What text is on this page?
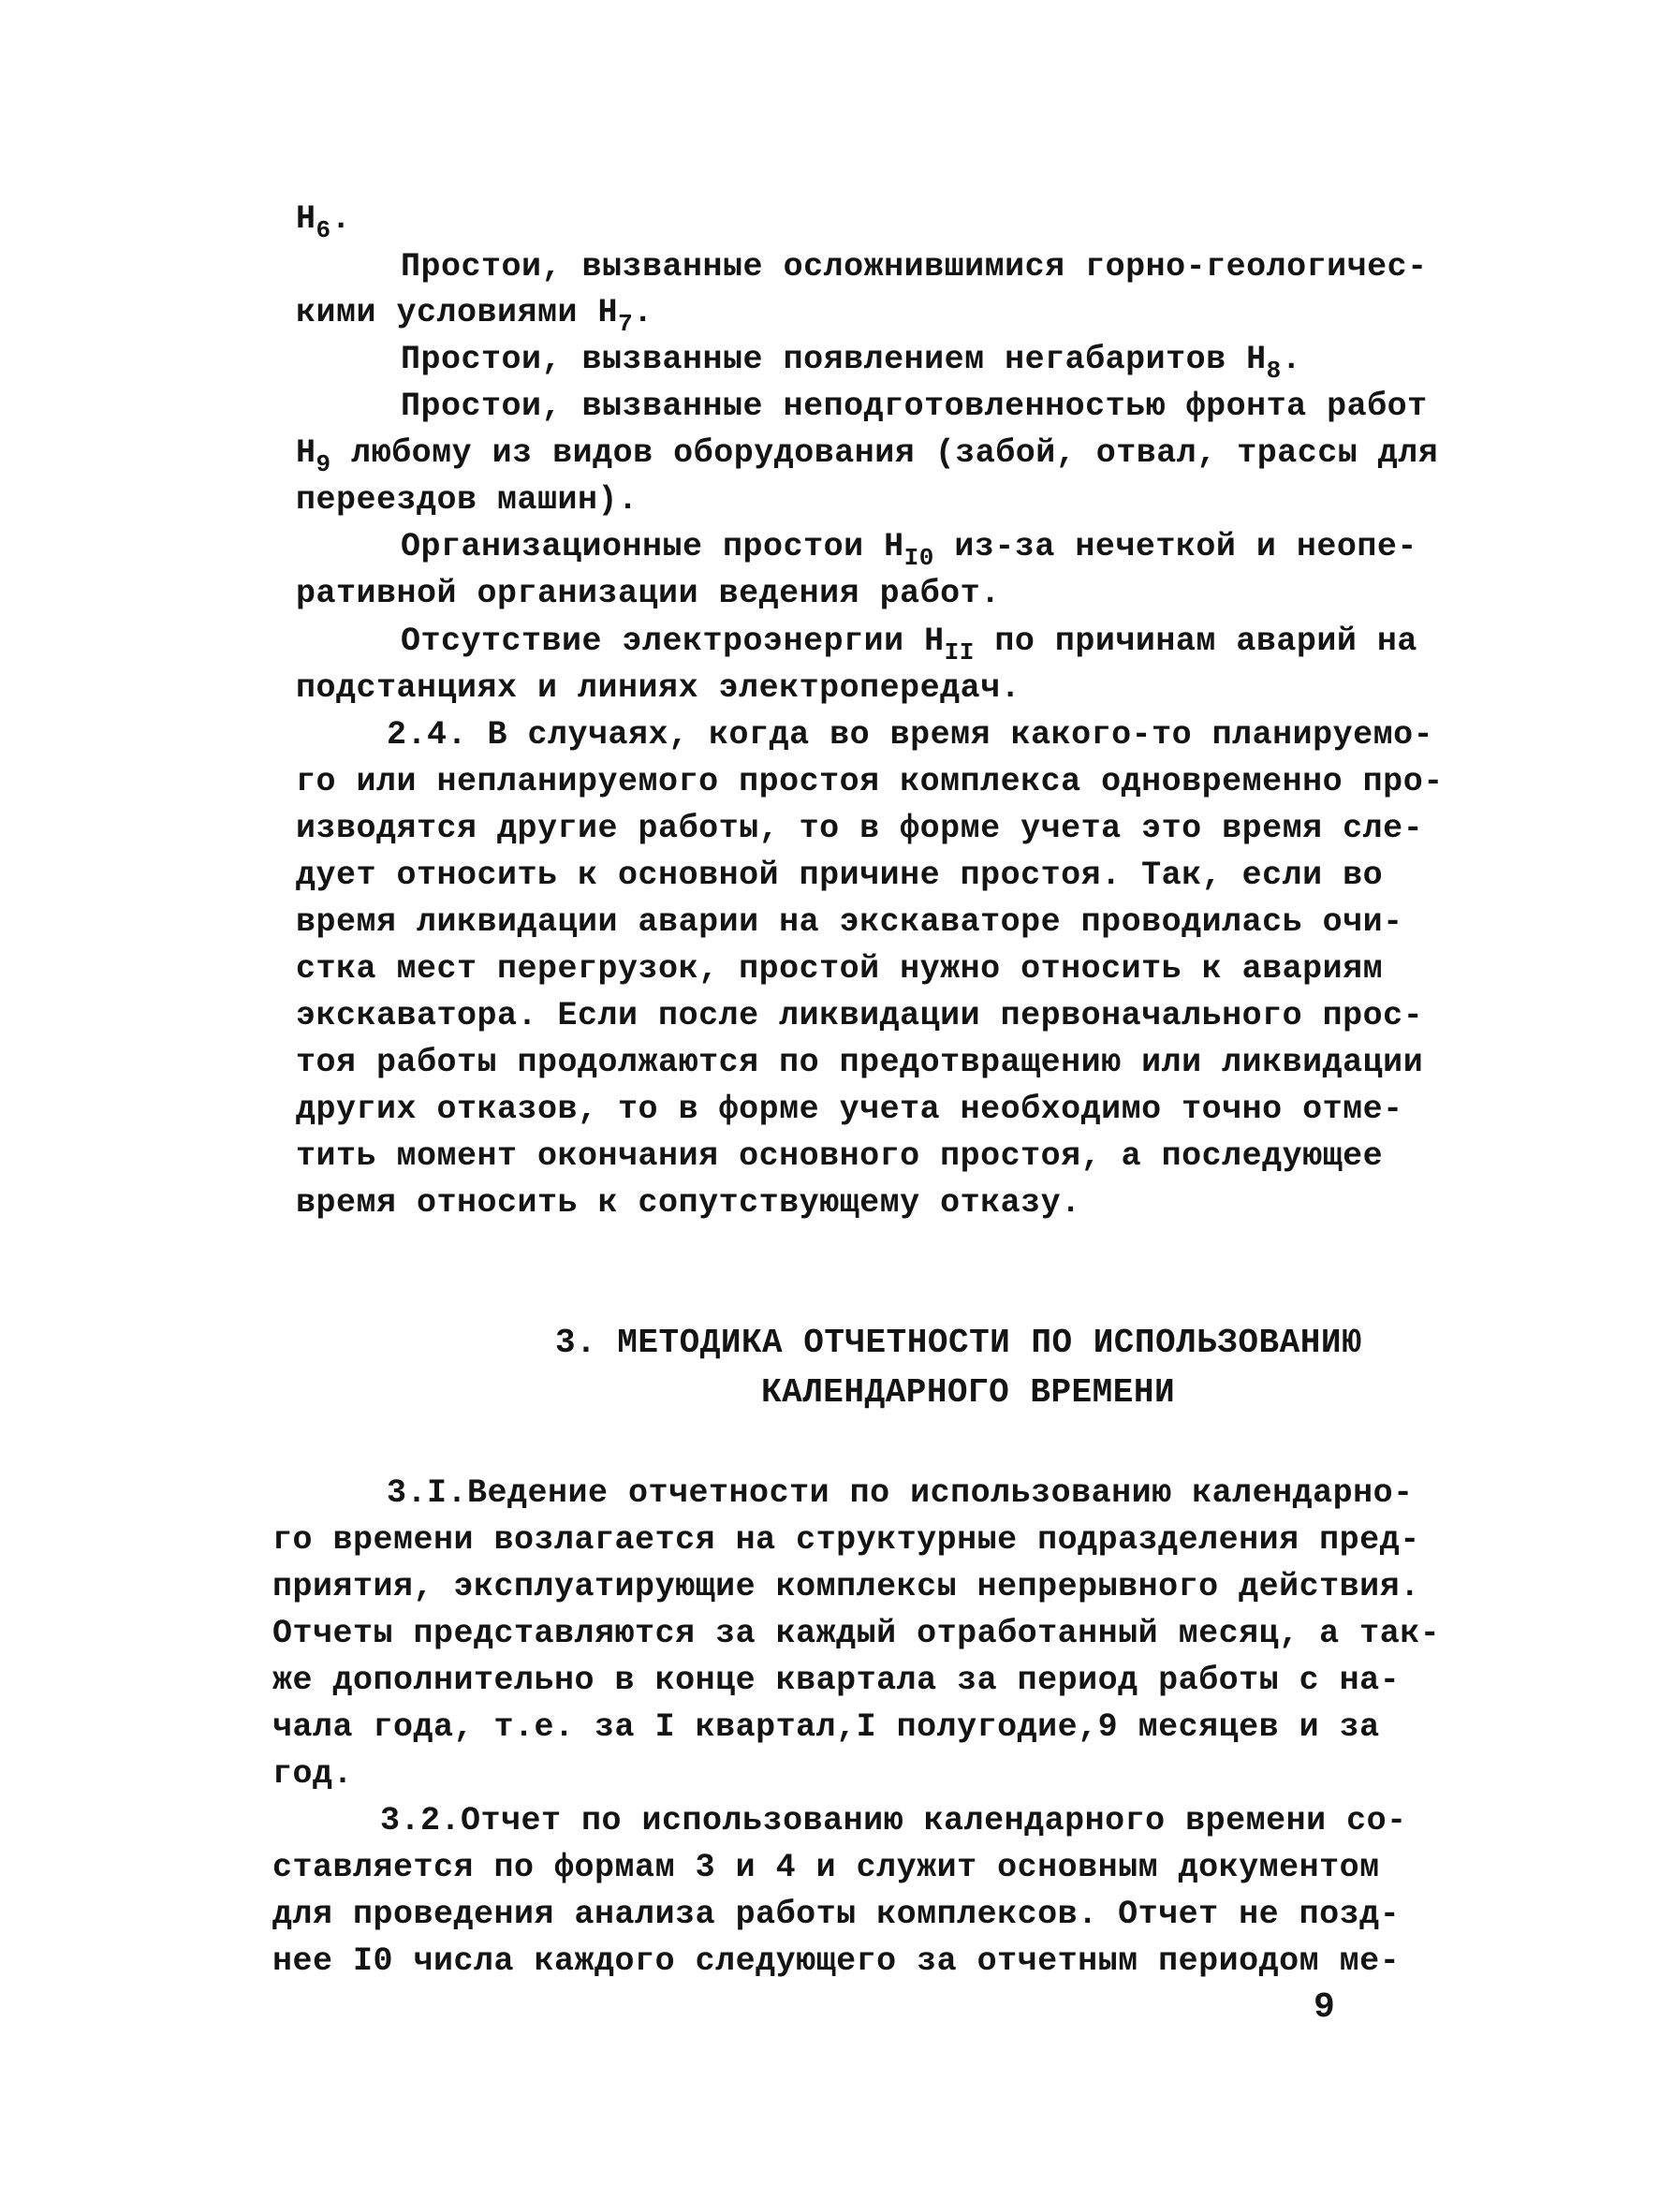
$Н_6$.
Простои, вызванные осложнившимися горно-геологичес-
кими условиями $Н_7$.
Простои, вызванные появлением негабаритов $Н_8$.
Простои, вызванные неподготовленностью фронта работ
$Н_9$ любому из видов оборудования (забой, отвал, трассы для
переездов машин).
Организационные простои $Н_{I0}$ из-за нечеткой и неопе-
ративной организации ведения работ.
Отсутствие электроэнергии $Н_{II}$ по причинам аварий на
подстанциях и линиях электропередач.
2.4. В случаях, когда во время какого-то планируемо-
го или непланируемого простоя комплекса одновременно про-
изводятся другие работы, то в форме учета это время сле-
дует относить к основной причине простоя. Так, если во
время ликвидации аварии на экскаваторе проводилась очи-
стка мест перегрузок, простой нужно относить к авариям
экскаватора. Если после ликвидации первоначального прос-
тоя работы продолжаются по предотвращению или ликвидации
других отказов, то в форме учета необходимо точно отме-
тить момент окончания основного простоя, а последующее
время относить к сопутствующему отказу.
3. МЕТОДИКА ОТЧЕТНОСТИ ПО ИСПОЛЬЗОВАНИЮ
КАЛЕНДАРНОГО ВРЕМЕНИ
3.I.Ведение отчетности по использованию календарно-
го времени возлагается на структурные подразделения пред-
приятия, эксплуатирующие комплексы непрерывного действия.
Отчеты представляются за каждый отработанный месяц, а так-
же дополнительно в конце квартала за период работы с на-
чала года, т.е. за I квартал,I полугодие,9 месяцев и за
год.
3.2.Отчет по использованию календарного времени со-
ставляется по формам 3 и 4 и служит основным документом
для проведения анализа работы комплексов. Отчет не позд-
нее I0 числа каждого следующего за отчетным периодом ме-
9
